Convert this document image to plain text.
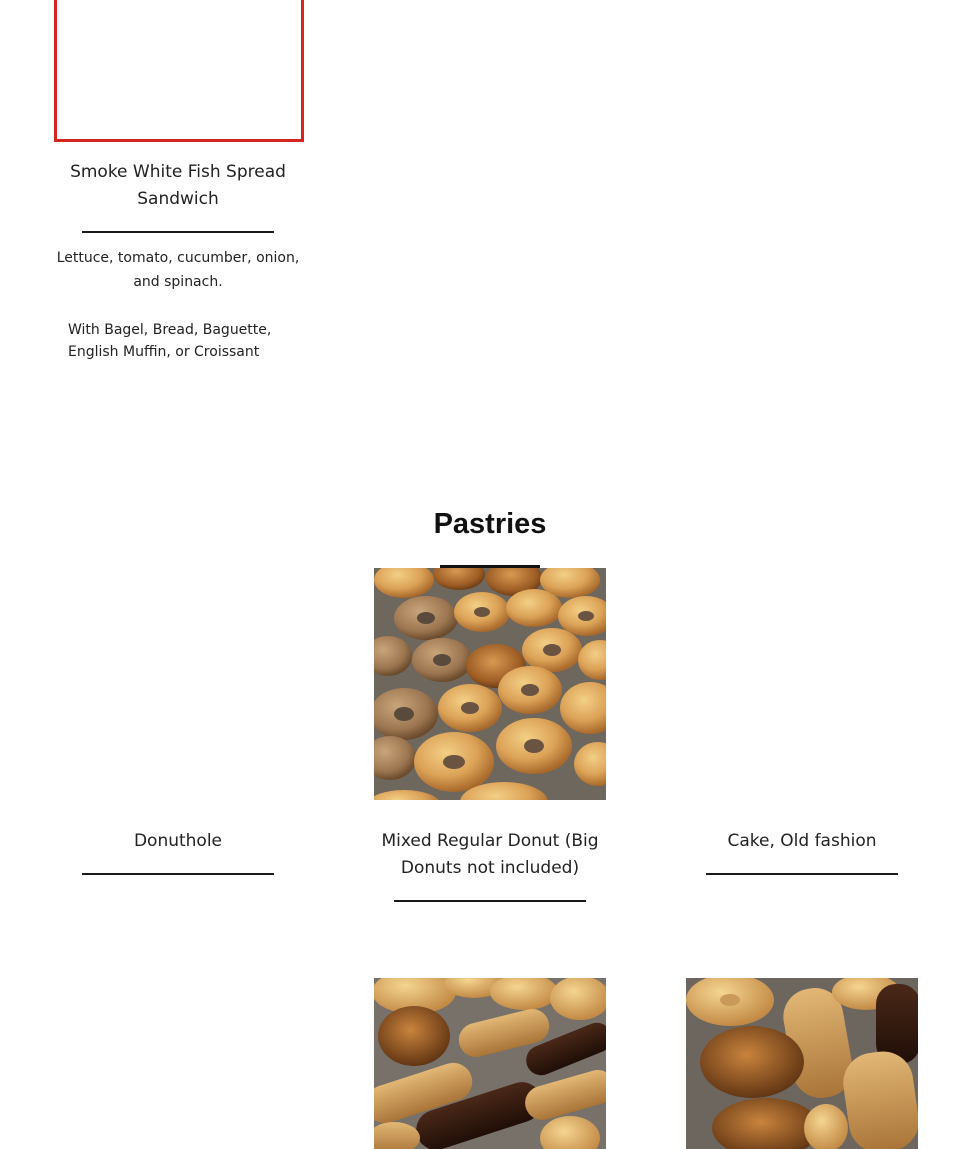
Smoke White Fish Spread Sandwich

Lettuce, tomato, cucumber, onion, and spinach.

With Bagel, Bread, Baguette, English Muffin, or Croissant

Pastries

Donuthole	Mixed Regular Donut (Big Donuts not included)

Cake, Old fashion
